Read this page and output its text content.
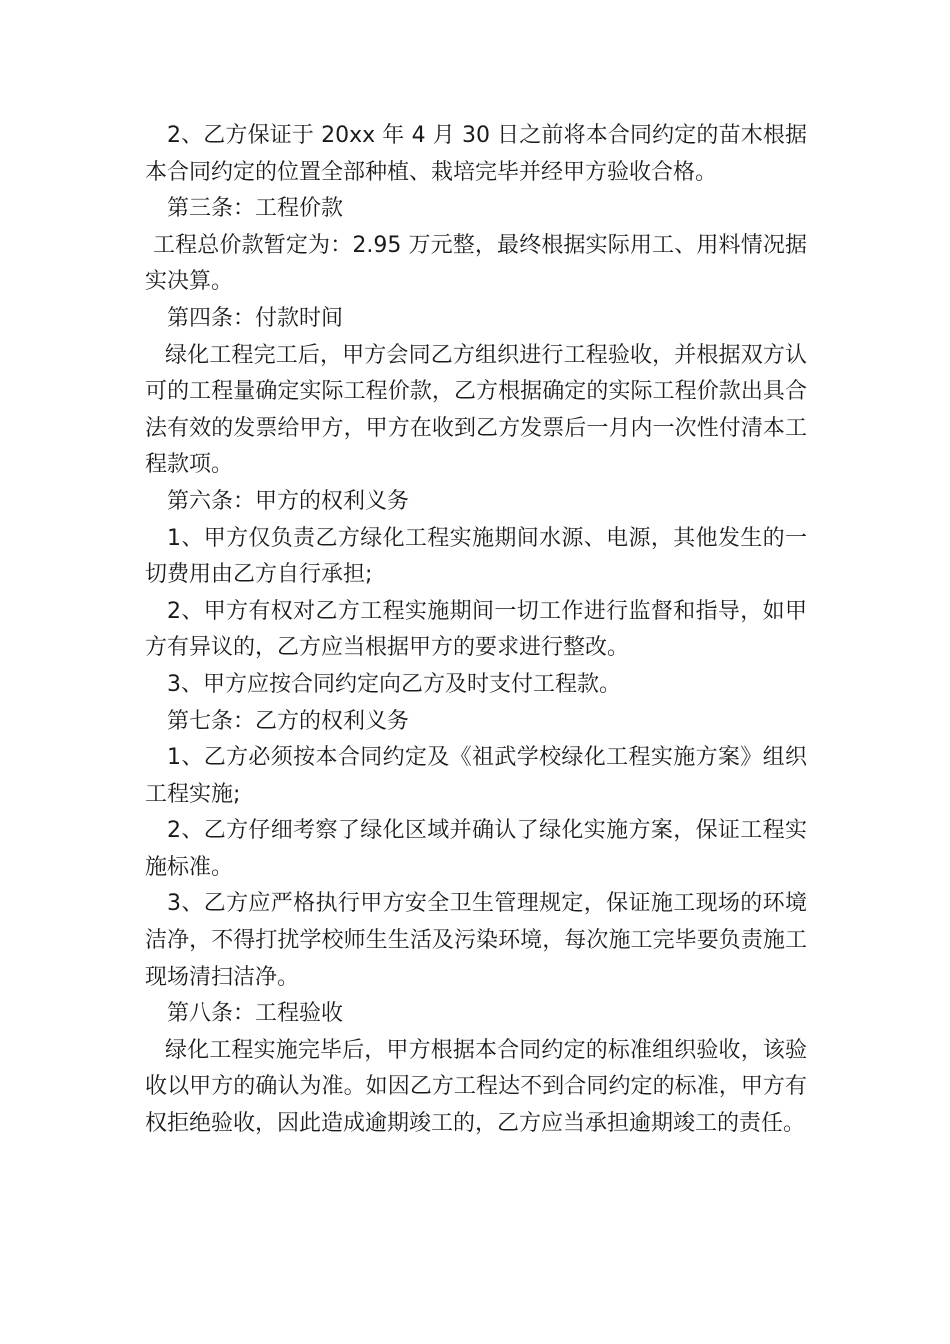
2、乙方保证于 20xx 年 4 月 30 日之前将本合同约定的苗木根据本合同约定的位置全部种植、栽培完毕并经甲方验收合格。

第三条：工程价款

工程总价款暂定为：2.95 万元整，最终根据实际用工、用料情况据实决算。

第四条：付款时间

绿化工程完工后，甲方会同乙方组织进行工程验收，并根据双方认可的工程量确定实际工程价款，乙方根据确定的实际工程价款出具合法有效的发票给甲方，甲方在收到乙方发票后一月内一次性付清本工程款项。

第六条：甲方的权利义务

1、甲方仅负责乙方绿化工程实施期间水源、电源，其他发生的一切费用由乙方自行承担;

2、甲方有权对乙方工程实施期间一切工作进行监督和指导，如甲方有异议的，乙方应当根据甲方的要求进行整改。

3、甲方应按合同约定向乙方及时支付工程款。

第七条：乙方的权利义务

1、乙方必须按本合同约定及《祖武学校绿化工程实施方案》组织工程实施;

2、乙方仔细考察了绿化区域并确认了绿化实施方案，保证工程实施标准。

3、乙方应严格执行甲方安全卫生管理规定，保证施工现场的环境洁净，不得打扰学校师生生活及污染环境，每次施工完毕要负责施工现场清扫洁净。

第八条：工程验收

绿化工程实施完毕后，甲方根据本合同约定的标准组织验收，该验收以甲方的确认为准。如因乙方工程达不到合同约定的标准，甲方有权拒绝验收，因此造成逾期竣工的，乙方应当承担逾期竣工的责任。
